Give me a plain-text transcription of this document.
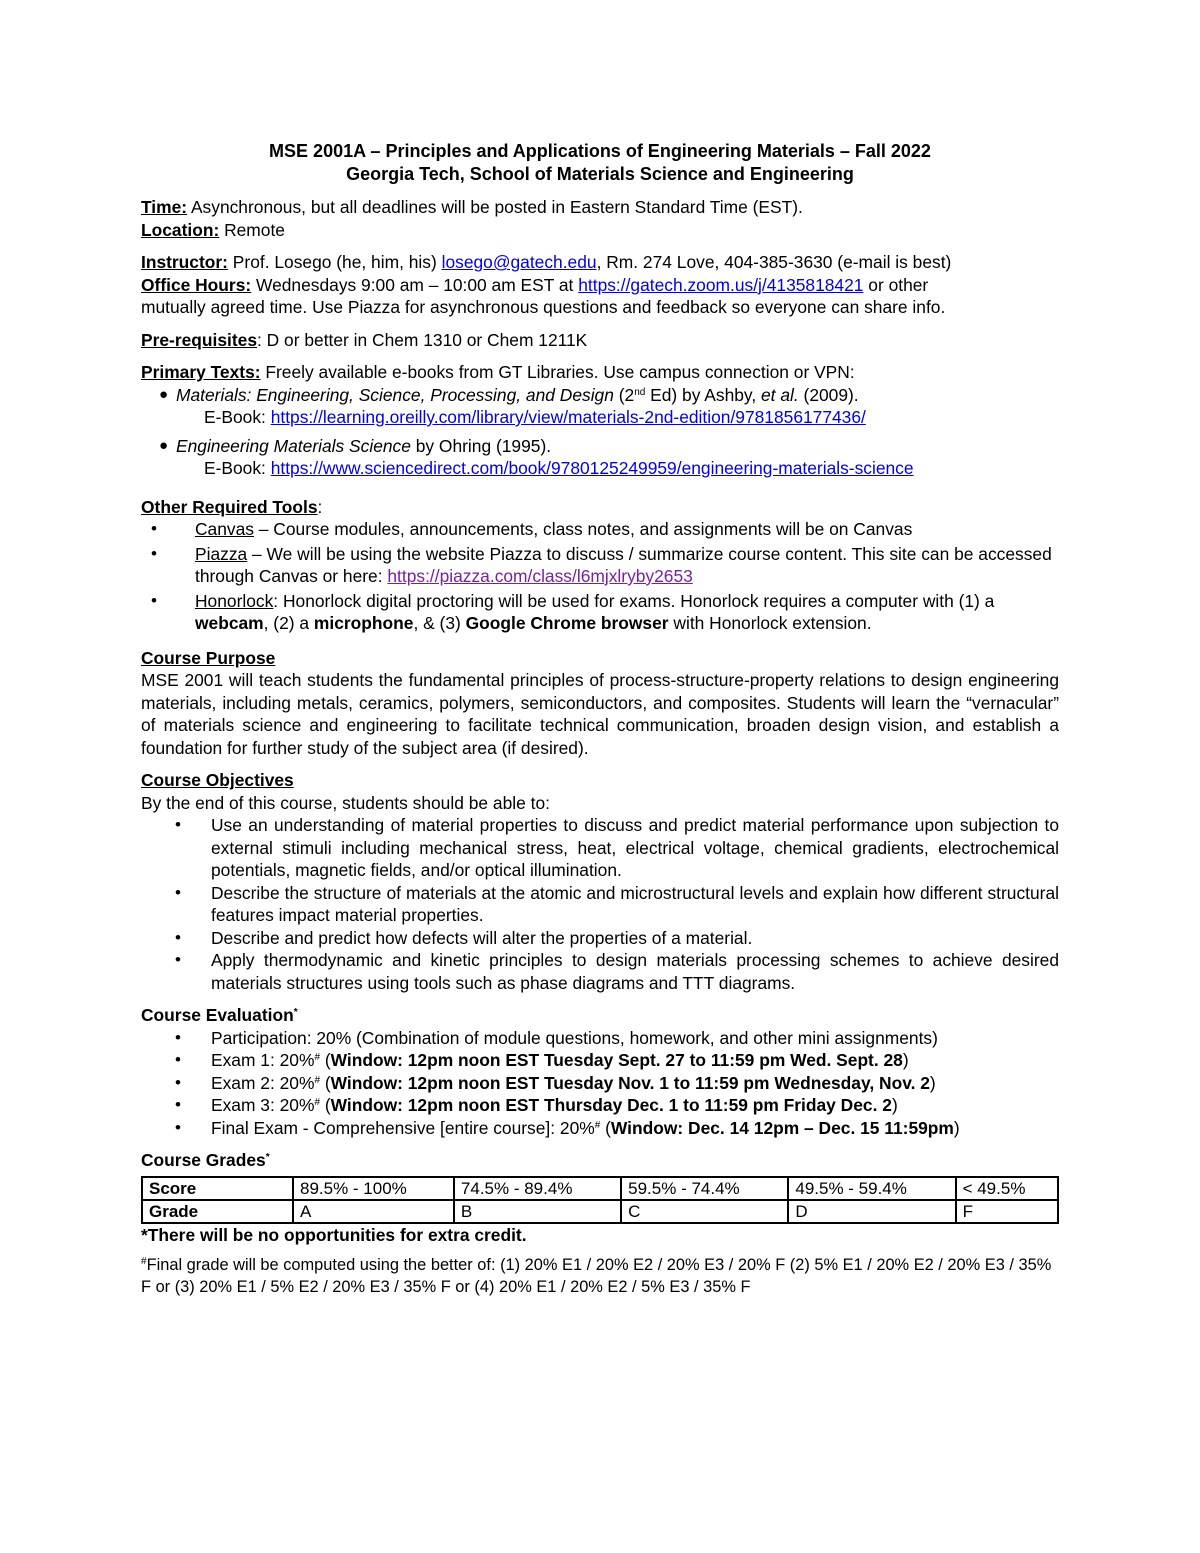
MSE 2001A – Principles and Applications of Engineering Materials – Fall 2022
Georgia Tech, School of Materials Science and Engineering
Time: Asynchronous, but all deadlines will be posted in Eastern Standard Time (EST).
Location: Remote
Instructor: Prof. Losego (he, him, his) losego@gatech.edu, Rm. 274 Love, 404-385-3630 (e-mail is best)
Office Hours: Wednesdays 9:00 am – 10:00 am EST at https://gatech.zoom.us/j/4135818421 or other
mutually agreed time. Use Piazza for asynchronous questions and feedback so everyone can share info.
Pre-requisites: D or better in Chem 1310 or Chem 1211K
Primary Texts: Freely available e-books from GT Libraries. Use campus connection or VPN:
● Materials: Engineering, Science, Processing, and Design (2nd Ed) by Ashby, et al. (2009).
E-Book: https://learning.oreilly.com/library/view/materials-2nd-edition/9781856177436/
● Engineering Materials Science by Ohring (1995).
E-Book: https://www.sciencedirect.com/book/9780125249959/engineering-materials-science
Other Required Tools:
• Canvas – Course modules, announcements, class notes, and assignments will be on Canvas
• Piazza – We will be using the website Piazza to discuss / summarize course content. This site can be accessed through Canvas or here: https://piazza.com/class/l6mjxlryby2653
• Honorlock: Honorlock digital proctoring will be used for exams. Honorlock requires a computer with (1) a webcam, (2) a microphone, & (3) Google Chrome browser with Honorlock extension.
Course Purpose
MSE 2001 will teach students the fundamental principles of process-structure-property relations to design engineering materials, including metals, ceramics, polymers, semiconductors, and composites. Students will learn the “vernacular” of materials science and engineering to facilitate technical communication, broaden design vision, and establish a foundation for further study of the subject area (if desired).
Course Objectives
By the end of this course, students should be able to:
• Use an understanding of material properties to discuss and predict material performance upon subjection to external stimuli including mechanical stress, heat, electrical voltage, chemical gradients, electrochemical potentials, magnetic fields, and/or optical illumination.
• Describe the structure of materials at the atomic and microstructural levels and explain how different structural features impact material properties.
• Describe and predict how defects will alter the properties of a material.
• Apply thermodynamic and kinetic principles to design materials processing schemes to achieve desired materials structures using tools such as phase diagrams and TTT diagrams.
Course Evaluation*
• Participation: 20% (Combination of module questions, homework, and other mini assignments)
• Exam 1: 20%# (Window: 12pm noon EST Tuesday Sept. 27 to 11:59 pm Wed. Sept. 28)
• Exam 2: 20%# (Window: 12pm noon EST Tuesday Nov. 1 to 11:59 pm Wednesday, Nov. 2)
• Exam 3: 20%# (Window: 12pm noon EST Thursday Dec. 1 to 11:59 pm Friday Dec. 2)
• Final Exam - Comprehensive [entire course]: 20%# (Window: Dec. 14 12pm – Dec. 15 11:59pm)
Course Grades*
Score	89.5% - 100%	74.5% - 89.4%	59.5% - 74.4%	49.5% - 59.4%	< 49.5%
Grade	A	B	C	D	F
*There will be no opportunities for extra credit.
#Final grade will be computed using the better of: (1) 20% E1 / 20% E2 / 20% E3 / 20% F (2) 5% E1 / 20% E2 / 20% E3 / 35% F or (3) 20% E1 / 5% E2 / 20% E3 / 35% F or (4) 20% E1 / 20% E2 / 5% E3 / 35% F
